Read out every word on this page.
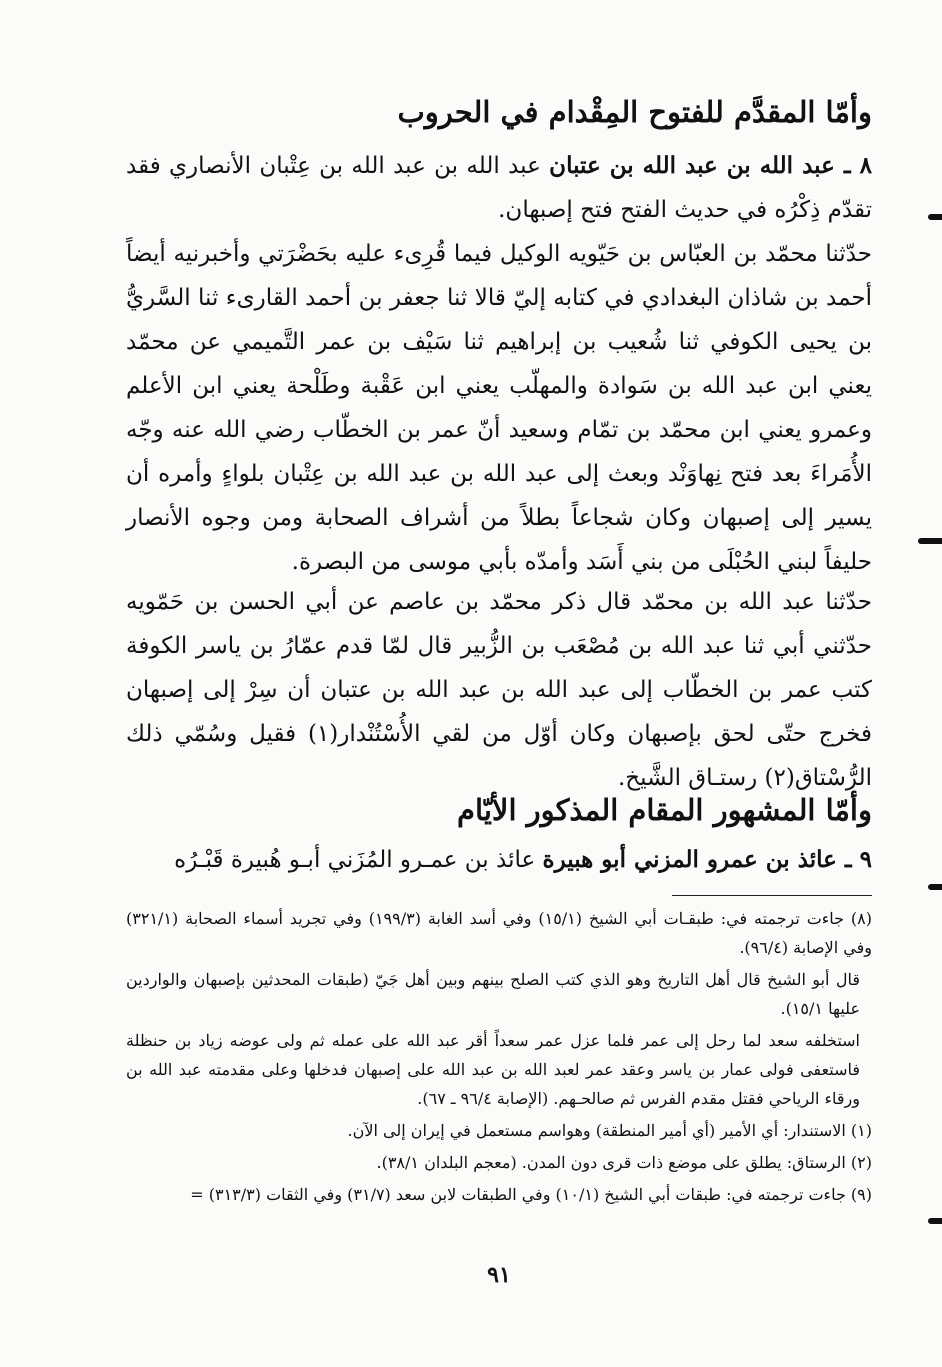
وأمّا المقدَّم للفتوح المِقْدام في الحروب

٨ ـ عبد الله بن عبد الله بن عتبان عبد الله بن عبد الله بن عِتْبان الأنصاري فقد تقدّم ذِكْرُه في حديث الفتح فتح إصبهان.

حدّثنا محمّد بن العبّاس بن حَيّويه الوكيل فيما قُرِىء عليه بحَضْرَتي وأخبرنيه أيضاً أحمد بن شاذان البغدادي في كتابه إليّ قالا ثنا جعفر بن أحمد القارىء ثنا السَّريُّ بن يحيى الكوفي ثنا شُعيب بن إبراهيم ثنا سَيْف بن عمر التَّميمي عن محمّد يعني ابن عبد الله بن سَوادة والمهلّب يعني ابن عَقْبة وطَلْحة يعني ابن الأعلم وعمرو يعني ابن محمّد بن تمّام وسعيد أنّ عمر بن الخطّاب رضي الله عنه وجّه الأُمَراءَ بعد فتح نِهاوَنْد وبعث إلى عبد الله بن عبد الله بن عِتْبان بلواءٍ وأمره أن يسير إلى إصبهان وكان شجاعاً بطلاً من أشراف الصحابة ومن وجوه الأنصار حليفاً لبني الحُبْلَى من بني أَسَد وأمدّه بأبي موسى من البصرة.

حدّثنا عبد الله بن محمّد قال ذكر محمّد بن عاصم عن أبي الحسن بن حَمّويه حدّثني أبي ثنا عبد الله بن مُصْعَب بن الزُّبير قال لمّا قدم عمّارُ بن ياسر الكوفة كتب عمر بن الخطّاب إلى عبد الله بن عبد الله بن عتبان أن سِرْ إلى إصبهان فخرج حتّى لحق بإصبهان وكان أوّل من لقي الأُسْتُنْدار(١) فقيل وسُمّي ذلك الرُّسْتاق(٢) رستـاق الشَّيخ.

وأمّا المشهور المقام المذكور الأيّام

٩ ـ عائذ بن عمرو المزني أبو هبيرة عائذ بن عمـرو المُزَني أبـو هُبيرة قَبْـرُه

(٨) جاءت ترجمته في: طبقـات أبي الشيخ (١٥/١) وفي أسد الغابة (١٩٩/٣) وفي تجريد أسماء الصحابة (٣٢١/١) وفي الإصابة (٩٦/٤).

قال أبو الشيخ قال أهل التاريخ وهو الذي كتب الصلح بينهم وبين أهل جَيّ (طبقات المحدثين بإصبهان والواردين عليها ١٥/١).

استخلفه سعد لما رحل إلى عمر فلما عزل عمر سعداً أقر عبد الله على عمله ثم ولى عوضه زياد بن حنظلة فاستعفى فولى عمار بن ياسر وعقد عمر لعبد الله بن عبد الله على إصبهان فدخلها وعلى مقدمته عبد الله بن ورقاء الرياحي فقتل مقدم الفرس ثم صالحـهم. (الإصابة ٩٦/٤ ـ ٦٧).

(١) الاستندار: أي الأمير (أي أمير المنطقة) وهواسم مستعمل في إيران إلى الآن.

(٢) الرستاق: يطلق على موضع ذات قرى دون المدن. (معجم البلدان ٣٨/١).

(٩) جاءت ترجمته في: طبقات أبي الشيخ (١٠/١) وفي الطبقات لابن سعد (٣١/٧) وفي الثقات (٣١٣/٣) =

٩١
